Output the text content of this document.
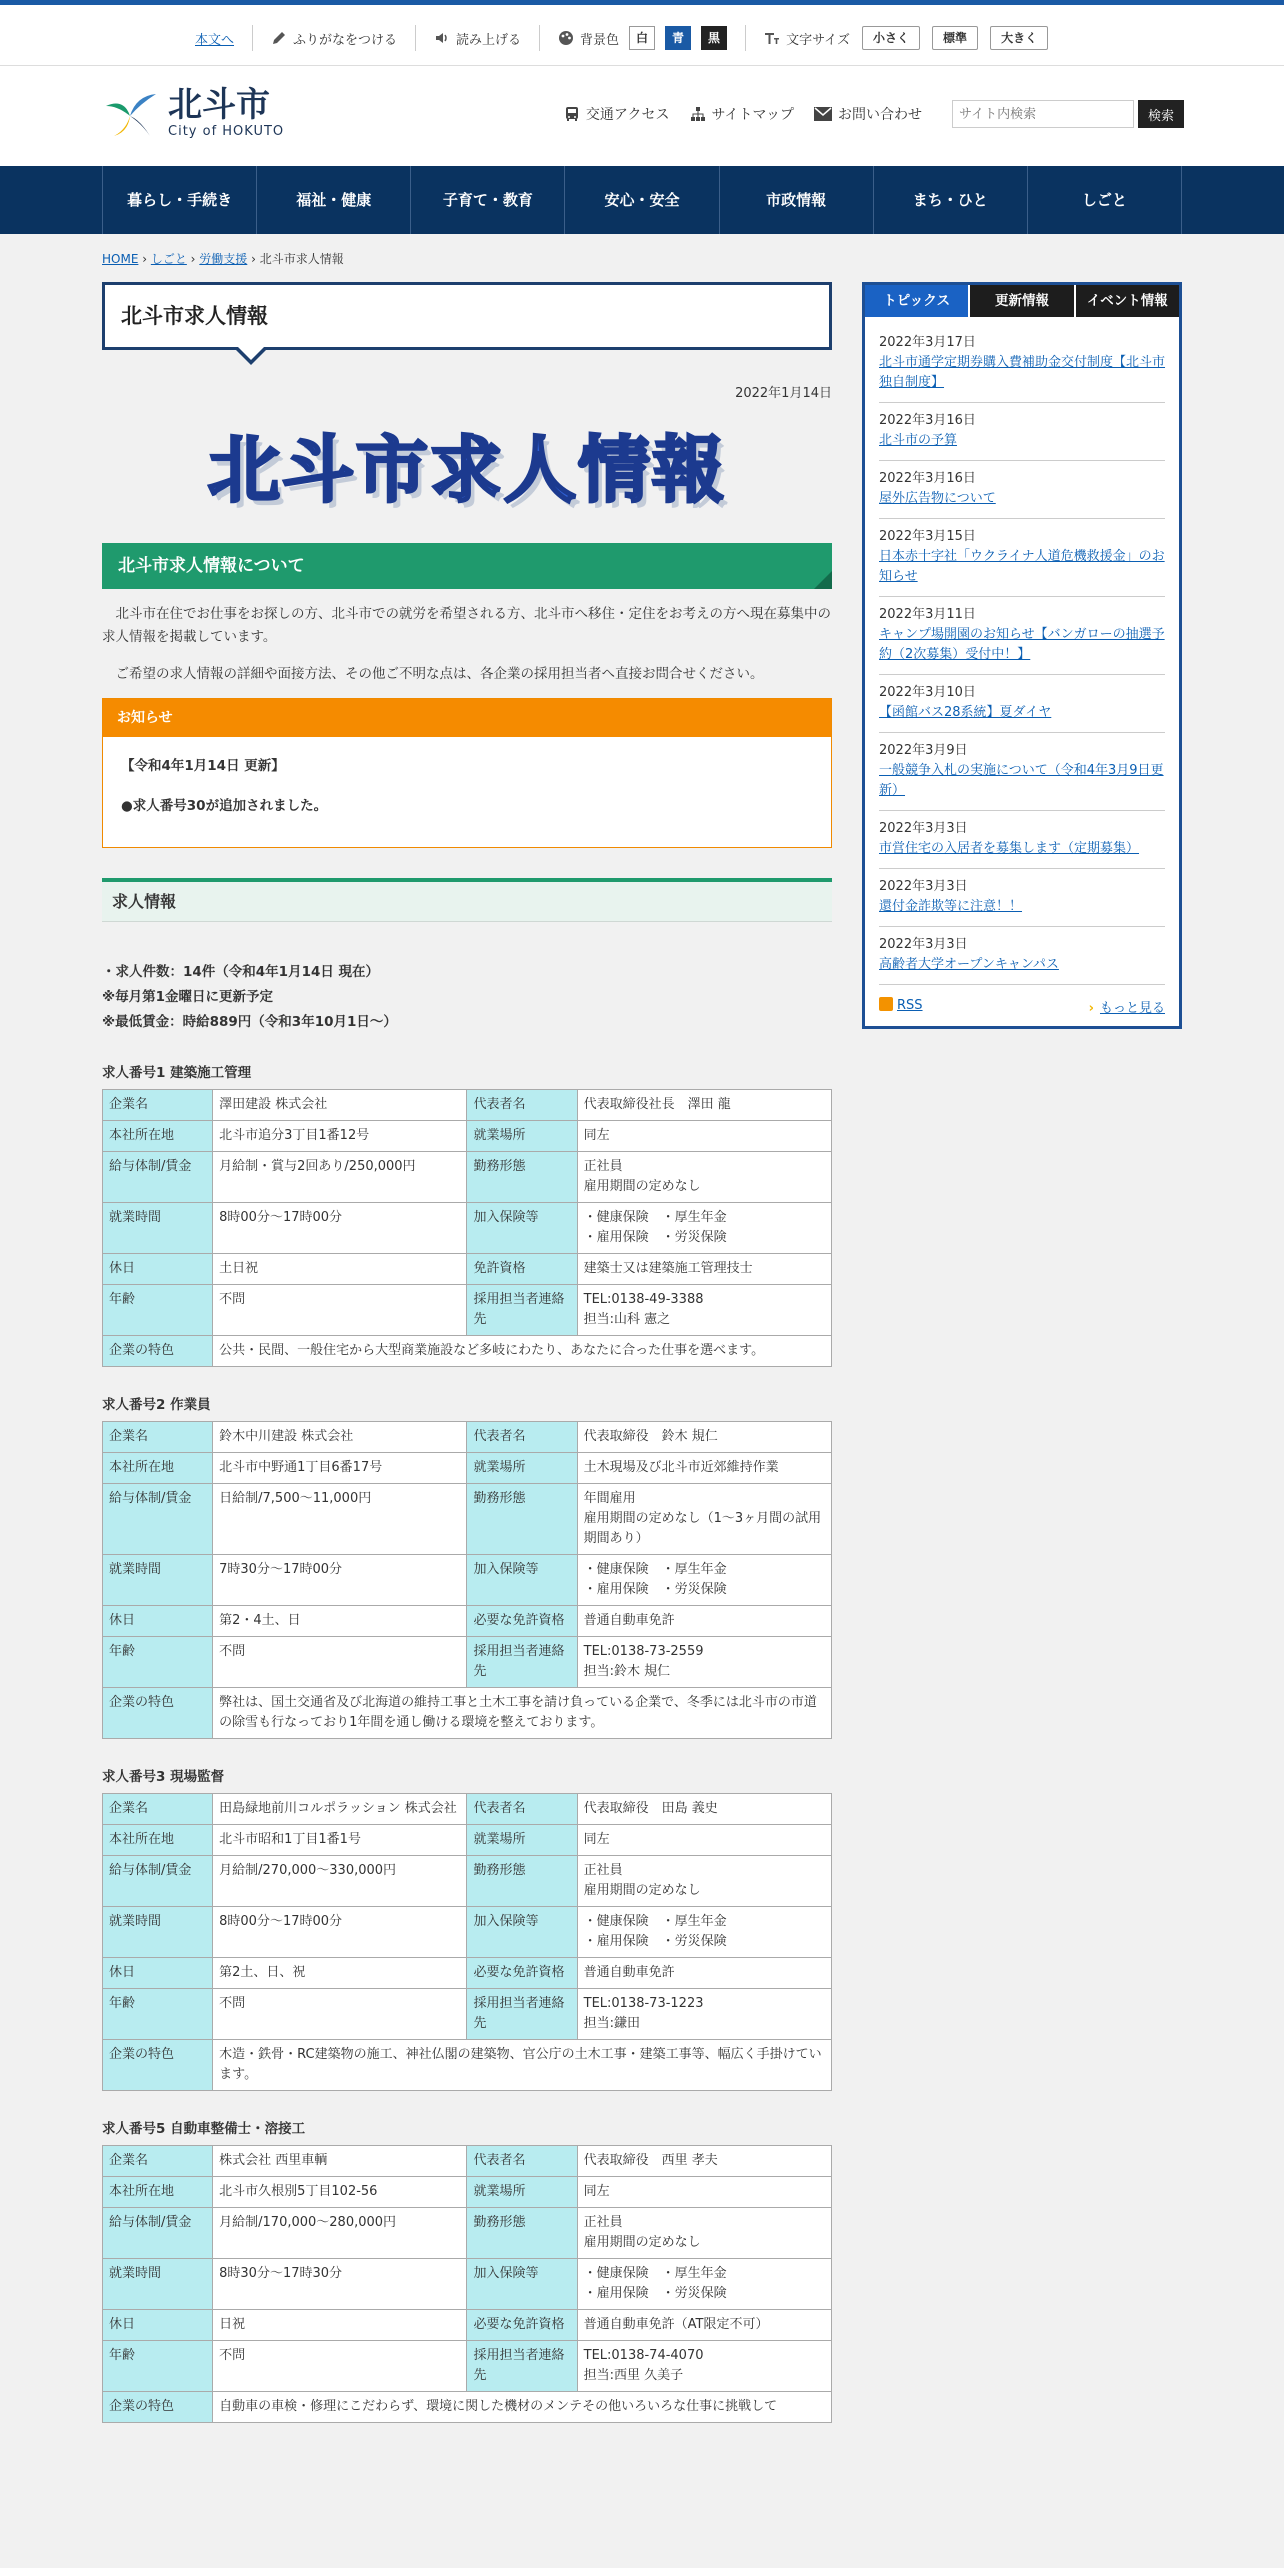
本文へ	ふりがなをつける	読み上げる	背景色	白	青	黒	文字サイズ	小さく	標準	大きく
北斗市
City of HOKUTO
交通アクセス	サイトマップ	お問い合わせ
サイト内検索	検索
暮らし・手続き	福祉・健康	子育て・教育	安心・安全	市政情報	まち・ひと	しごと
HOME › しごと › 労働支援 › 北斗市求人情報
北斗市求人情報
2022年1月14日
北斗市求人情報
北斗市求人情報について

北斗市在住でお仕事をお探しの方、北斗市での就労を希望される方、北斗市へ移住・定住をお考えの方へ現在募集中の求人情報を掲載しています。

ご希望の求人情報の詳細や面接方法、その他ご不明な点は、各企業の採用担当者へ直接お問合せください。

お知らせ

【令和4年1月14日 更新】

●求人番号30が追加されました。

求人情報
・求人件数：14件（令和4年1月14日 現在）
※毎月第1金曜日に更新予定
※最低賃金：時給889円（令和3年10月1日～）
求人番号1 建築施工管理
企業名	澤田建設 株式会社	代表者名	代表取締役社長　澤田 龍
本社所在地	北斗市追分3丁目1番12号	就業場所	同左
給与体制/賃金	月給制・賞与2回あり/250,000円	勤務形態	正社員
雇用期間の定めなし
就業時間	8時00分～17時00分	加入保険等	・健康保険　・厚生年金
・雇用保険　・労災保険
休日	土日祝	免許資格	建築士又は建築施工管理技士
年齢	不問	採用担当者連絡先	TEL:0138-49-3388
担当:山科 憲之
企業の特色	公共・民間、一般住宅から大型商業施設など多岐にわたり、あなたに合った仕事を選べます。		
求人番号2 作業員
企業名	鈴木中川建設 株式会社	代表者名	代表取締役　鈴木 規仁
本社所在地	北斗市中野通1丁目6番17号	就業場所	土木現場及び北斗市近郊維持作業
給与体制/賃金	日給制/7,500～11,000円	勤務形態	年間雇用
雇用期間の定めなし（1～3ヶ月間の試用期間あり）
就業時間	7時30分～17時00分	加入保険等	・健康保険　・厚生年金
・雇用保険　・労災保険
休日	第2・4土、日	必要な免許資格	普通自動車免許
年齢	不問	採用担当者連絡先	TEL:0138-73-2559
担当:鈴木 規仁
企業の特色	弊社は、国土交通省及び北海道の維持工事と土木工事を請け負っている企業で、冬季には北斗市の市道の除雪も行なっており1年間を通し働ける環境を整えております。		
求人番号3 現場監督
企業名	田島緑地前川コルポラッション 株式会社	代表者名	代表取締役　田島 義史
本社所在地	北斗市昭和1丁目1番1号	就業場所	同左
給与体制/賃金	月給制/270,000～330,000円	勤務形態	正社員
雇用期間の定めなし
就業時間	8時00分～17時00分	加入保険等	・健康保険　・厚生年金
・雇用保険　・労災保険
休日	第2土、日、祝	必要な免許資格	普通自動車免許
年齢	不問	採用担当者連絡先	TEL:0138-73-1223
担当:鎌田
企業の特色	木造・鉄骨・RC建築物の施工、神社仏閣の建築物、官公庁の土木工事・建築工事等、幅広く手掛けています。		
求人番号5 自動車整備士・溶接工
企業名	株式会社 西里車輌	代表者名	代表取締役　西里 孝夫
本社所在地	北斗市久根別5丁目102-56	就業場所	同左
給与体制/賃金	月給制/170,000～280,000円	勤務形態	正社員
雇用期間の定めなし
就業時間	8時30分～17時30分	加入保険等	・健康保険　・厚生年金
・雇用保険　・労災保険
休日	日祝	必要な免許資格	普通自動車免許（AT限定不可）
年齢	不問	採用担当者連絡先	TEL:0138-74-4070
担当:西里 久美子
企業の特色	自動車の車検・修理にこだわらず、環境に関した機材のメンテその他いろいろな仕事に挑戦して		
トピックス	更新情報	イベント情報
2022年3月17日
北斗市通学定期券購入費補助金交付制度【北斗市独自制度】
2022年3月16日
北斗市の予算
2022年3月16日
屋外広告物について
2022年3月15日
日本赤十字社「ウクライナ人道危機救援金」のお知らせ
2022年3月11日
キャンプ場開園のお知らせ【バンガローの抽選予約（2次募集）受付中！】
2022年3月10日
【函館バス28系統】夏ダイヤ
2022年3月9日
一般競争入札の実施について（令和4年3月9日更新）
2022年3月3日
市営住宅の入居者を募集します（定期募集）
2022年3月3日
還付金詐欺等に注意！！
2022年3月3日
高齢者大学オープンキャンパス
RSS	› もっと見る
